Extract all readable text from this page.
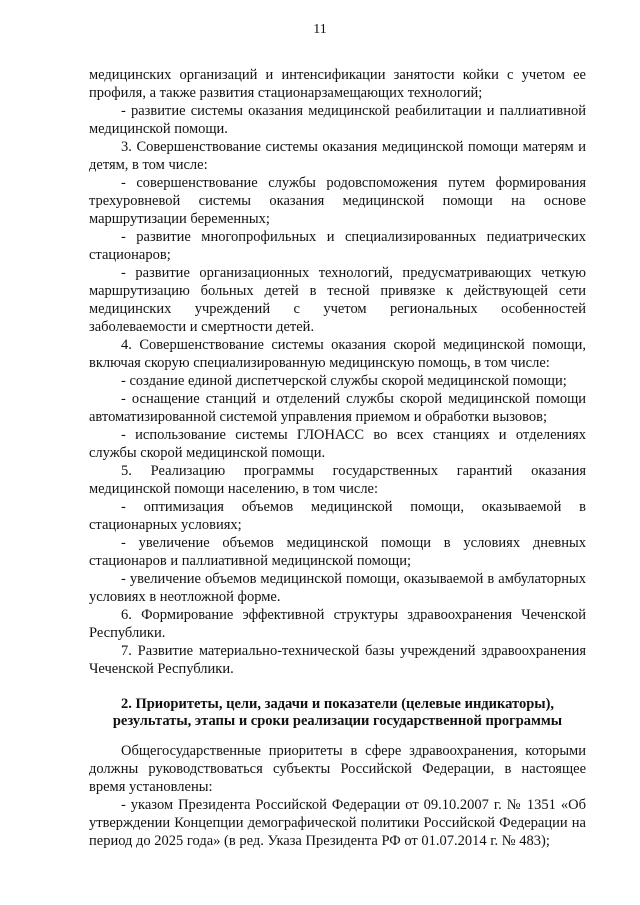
11

медицинских организаций и интенсификации занятости койки с учетом ее профиля, а также развития стационарзамещающих технологий;

- развитие системы оказания медицинской реабилитации и паллиативной медицинской помощи.

3. Совершенствование системы оказания медицинской помощи матерям и детям, в том числе:

- совершенствование службы родовспоможения путем формирования трехуровневой системы оказания медицинской помощи на основе маршрутизации беременных;

- развитие многопрофильных и специализированных педиатрических стационаров;

- развитие организационных технологий, предусматривающих четкую маршрутизацию больных детей в тесной привязке к действующей сети медицинских учреждений с учетом региональных особенностей заболеваемости и смертности детей.

4. Совершенствование системы оказания скорой медицинской помощи, включая скорую специализированную медицинскую помощь, в том числе:

- создание единой диспетчерской службы скорой медицинской помощи;

- оснащение станций и отделений службы скорой медицинской помощи автоматизированной системой управления приемом и обработки вызовов;

- использование системы ГЛОНАСС во всех станциях и отделениях службы скорой медицинской помощи.

5. Реализацию программы государственных гарантий оказания медицинской помощи населению, в том числе:

- оптимизация объемов медицинской помощи, оказываемой в стационарных условиях;

- увеличение объемов медицинской помощи в условиях дневных стационаров и паллиативной медицинской помощи;

- увеличение объемов медицинской помощи, оказываемой в амбулаторных условиях в неотложной форме.

6. Формирование эффективной структуры здравоохранения Чеченской Республики.

7. Развитие материально-технической базы учреждений здравоохранения Чеченской Республики.

2. Приоритеты, цели, задачи и показатели (целевые индикаторы),
результаты, этапы и сроки реализации государственной программы

Общегосударственные приоритеты в сфере здравоохранения, которыми должны руководствоваться субъекты Российской Федерации, в настоящее время установлены:

- указом Президента Российской Федерации от 09.10.2007 г. № 1351 «Об утверждении Концепции демографической политики Российской Федерации на период до 2025 года» (в ред. Указа Президента РФ от 01.07.2014 г. № 483);
